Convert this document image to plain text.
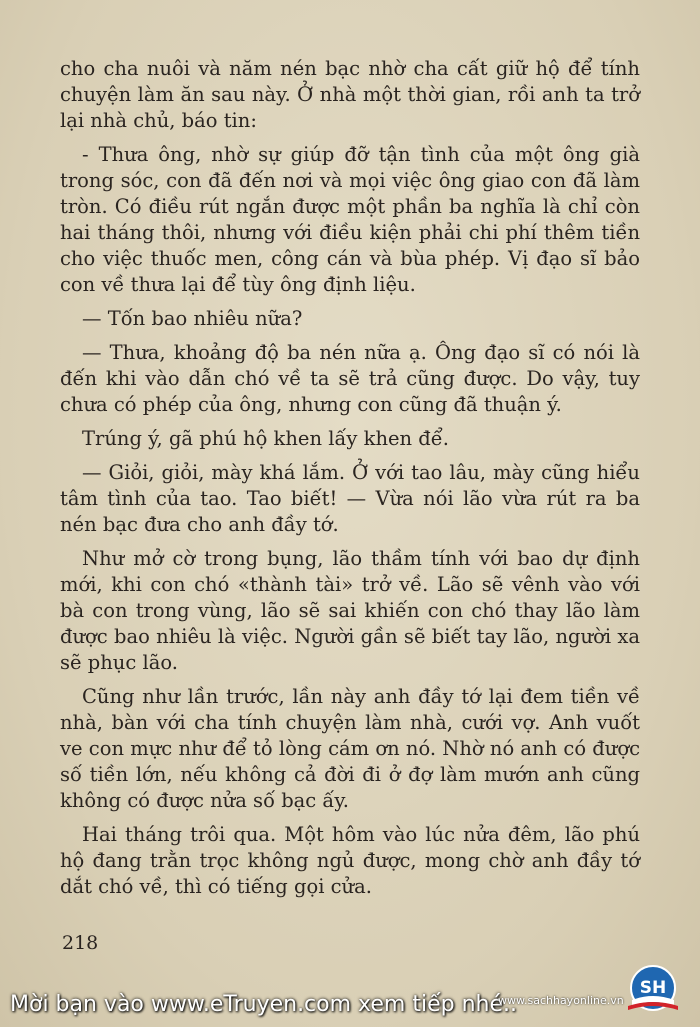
cho cha nuôi và năm nén bạc nhờ cha cất giữ hộ để tính chuyện làm ăn sau này. Ở nhà một thời gian, rồi anh ta trở lại nhà chủ, báo tin:

- Thưa ông, nhờ sự giúp đỡ tận tình của một ông già trong sóc, con đã đến nơi và mọi việc ông giao con đã làm tròn. Có điều rút ngắn được một phần ba nghĩa là chỉ còn hai tháng thôi, nhưng với điều kiện phải chi phí thêm tiền cho việc thuốc men, công cán và bùa phép. Vị đạo sĩ bảo con về thưa lại để tùy ông định liệu.

— Tốn bao nhiêu nữa?

— Thưa, khoảng độ ba nén nữa ạ. Ông đạo sĩ có nói là đến khi vào dẫn chó về ta sẽ trả cũng được. Do vậy, tuy chưa có phép của ông, nhưng con cũng đã thuận ý.

Trúng ý, gã phú hộ khen lấy khen để.

— Giỏi, giỏi, mày khá lắm. Ở với tao lâu, mày cũng hiểu tâm tình của tao. Tao biết! — Vừa nói lão vừa rút ra ba nén bạc đưa cho anh đầy tớ.

Như mở cờ trong bụng, lão thầm tính với bao dự định mới, khi con chó «thành tài» trở về. Lão sẽ vênh vào với bà con trong vùng, lão sẽ sai khiến con chó thay lão làm được bao nhiêu là việc. Người gần sẽ biết tay lão, người xa sẽ phục lão.

Cũng như lần trước, lần này anh đầy tớ lại đem tiền về nhà, bàn với cha tính chuyện làm nhà, cưới vợ. Anh vuốt ve con mực như để tỏ lòng cám ơn nó. Nhờ nó anh có được số tiền lớn, nếu không cả đời đi ở đợ làm mướn anh cũng không có được nửa số bạc ấy.

Hai tháng trôi qua. Một hôm vào lúc nửa đêm, lão phú hộ đang trằn trọc không ngủ được, mong chờ anh đầy tớ dắt chó về, thì có tiếng gọi cửa.

218
Mời bạn vào www.eTruyen.com xem tiếp nhé..
www.sachhayonline.vn
SH
